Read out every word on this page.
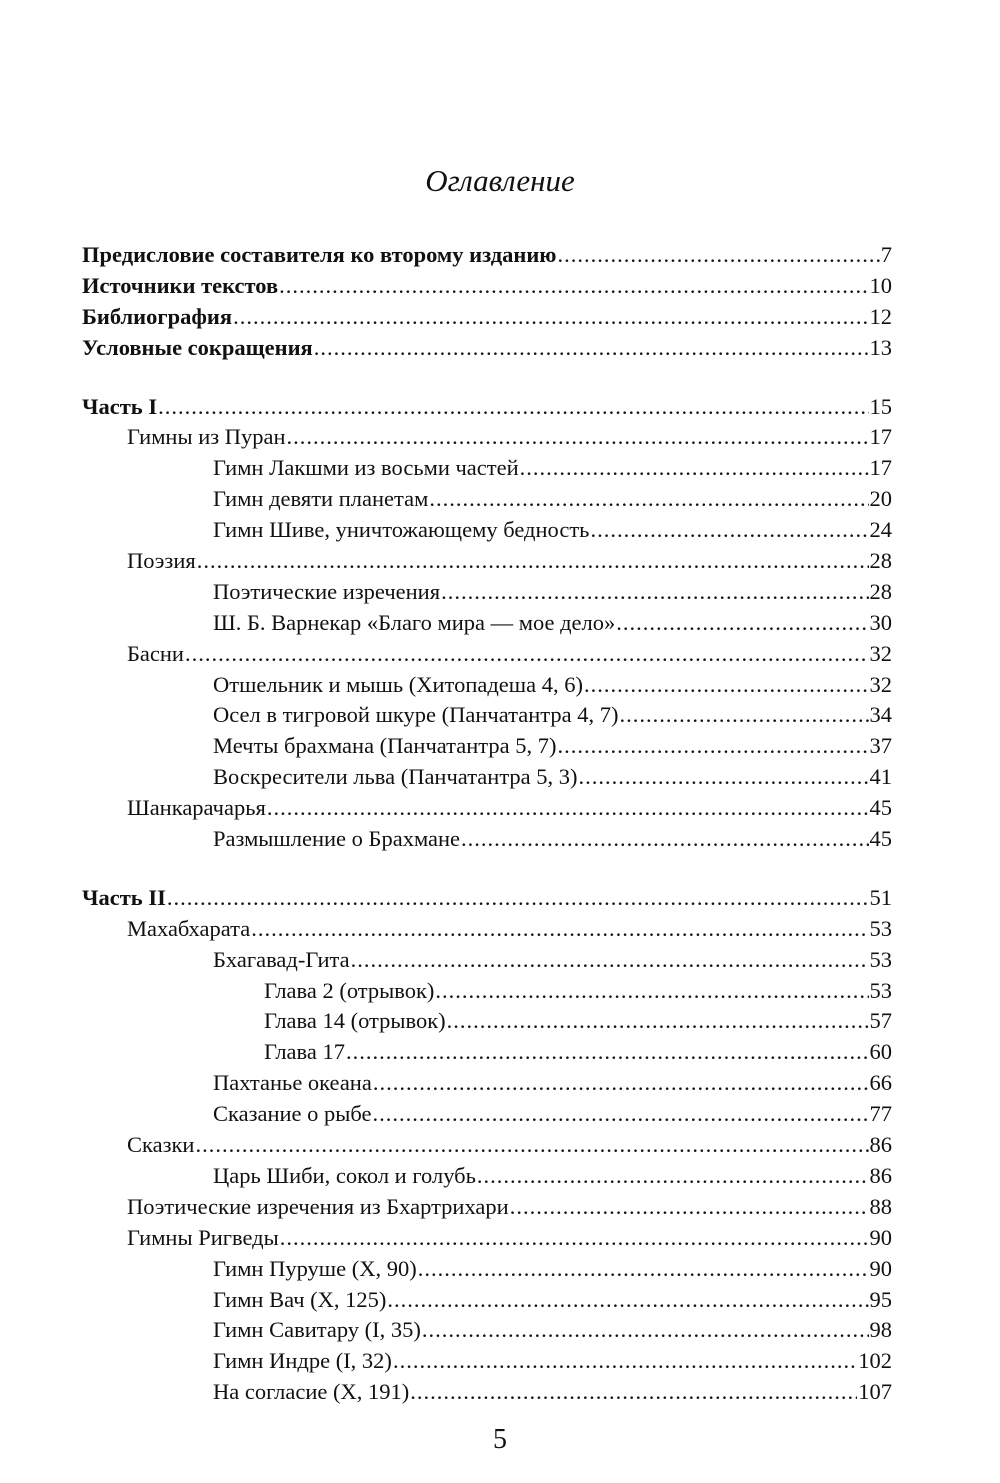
Оглавление
Предисловие составителя ко второму изданию .....	7
Источники текстов .....	10
Библиография .....	12
Условные сокращения .....	13
Часть I .....	15
Гимны из Пуран .....	17
Гимн Лакшми из восьми частей .....	17
Гимн девяти планетам .....	20
Гимн Шиве, уничтожающему бедность .....	24
Поэзия .....	28
Поэтические изречения .....	28
Ш. Б. Варнекар «Благо мира — мое дело» .....	30
Басни .....	32
Отшельник и мышь (Хитопадеша 4, 6) .....	32
Осел в тигровой шкуре (Панчатантра 4, 7) .....	34
Мечты брахмана (Панчатантра 5, 7) .....	37
Воскресители льва (Панчатантра 5, 3) .....	41
Шанкарачарья .....	45
Размышление о Брахмане .....	45
Часть II .....	51
Махабхарата .....	53
Бхагавад-Гита .....	53
Глава 2 (отрывок) .....	53
Глава 14 (отрывок) .....	57
Глава 17 .....	60
Пахтанье океана .....	66
Сказание о рыбе .....	77
Сказки .....	86
Царь Шиби, сокол и голубь .....	86
Поэтические изречения из Бхартрихари .....	88
Гимны Ригведы .....	90
Гимн Пуруше (X, 90) .....	90
Гимн Вач (X, 125) .....	95
Гимн Савитару (I, 35) .....	98
Гимн Индре (I, 32) .....	102
На согласие (X, 191) .....	107
5
